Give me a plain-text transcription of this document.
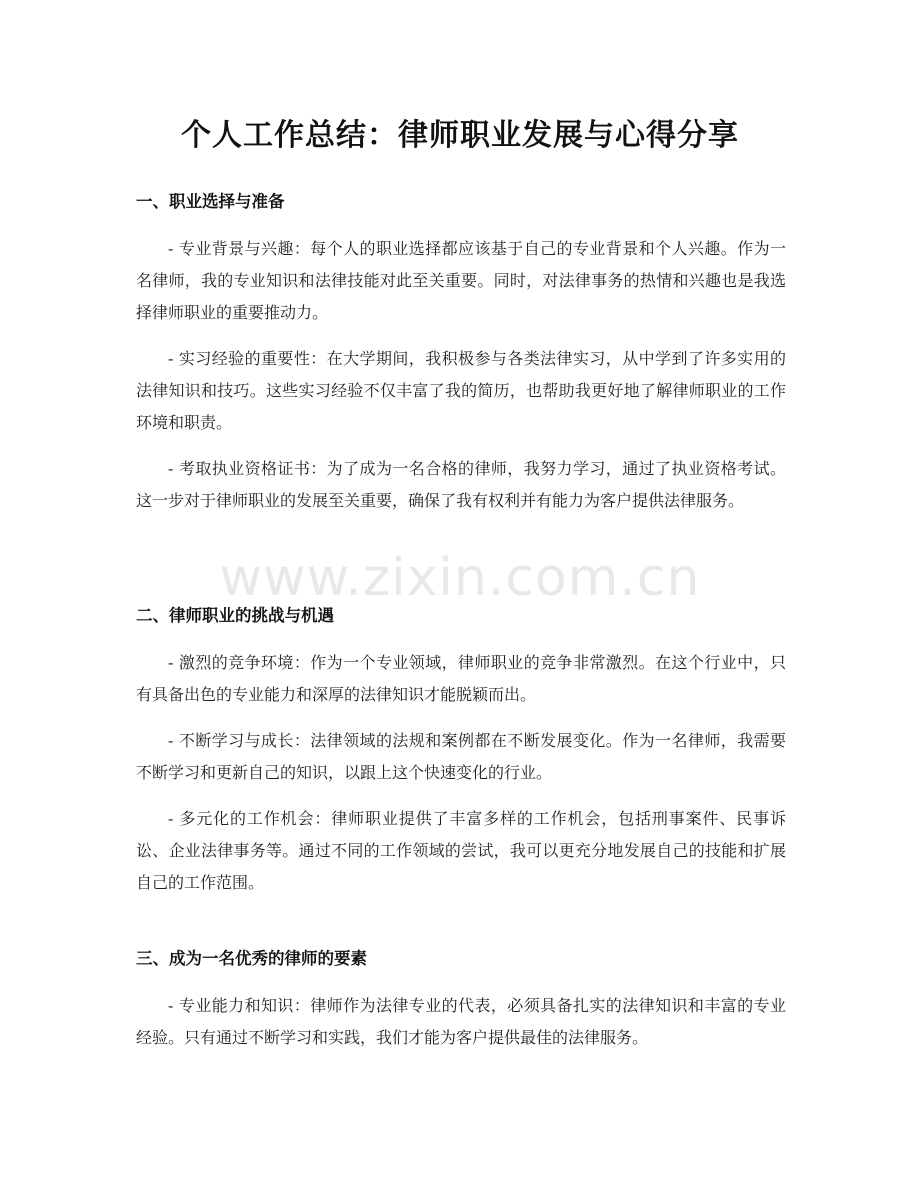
个人工作总结：律师职业发展与心得分享
一、职业选择与准备

- 专业背景与兴趣：每个人的职业选择都应该基于自己的专业背景和个人兴趣。作为一名律师，我的专业知识和法律技能对此至关重要。同时，对法律事务的热情和兴趣也是我选择律师职业的重要推动力。

- 实习经验的重要性：在大学期间，我积极参与各类法律实习，从中学到了许多实用的法律知识和技巧。这些实习经验不仅丰富了我的简历，也帮助我更好地了解律师职业的工作环境和职责。

- 考取执业资格证书：为了成为一名合格的律师，我努力学习，通过了执业资格考试。这一步对于律师职业的发展至关重要，确保了我有权利并有能力为客户提供法律服务。

二、律师职业的挑战与机遇

- 激烈的竞争环境：作为一个专业领域，律师职业的竞争非常激烈。在这个行业中，只有具备出色的专业能力和深厚的法律知识才能脱颖而出。

- 不断学习与成长：法律领域的法规和案例都在不断发展变化。作为一名律师，我需要不断学习和更新自己的知识，以跟上这个快速变化的行业。

- 多元化的工作机会：律师职业提供了丰富多样的工作机会，包括刑事案件、民事诉讼、企业法律事务等。通过不同的工作领域的尝试，我可以更充分地发展自己的技能和扩展自己的工作范围。

三、成为一名优秀的律师的要素

- 专业能力和知识：律师作为法律专业的代表，必须具备扎实的法律知识和丰富的专业经验。只有通过不断学习和实践，我们才能为客户提供最佳的法律服务。

www.zixin.com.cn
